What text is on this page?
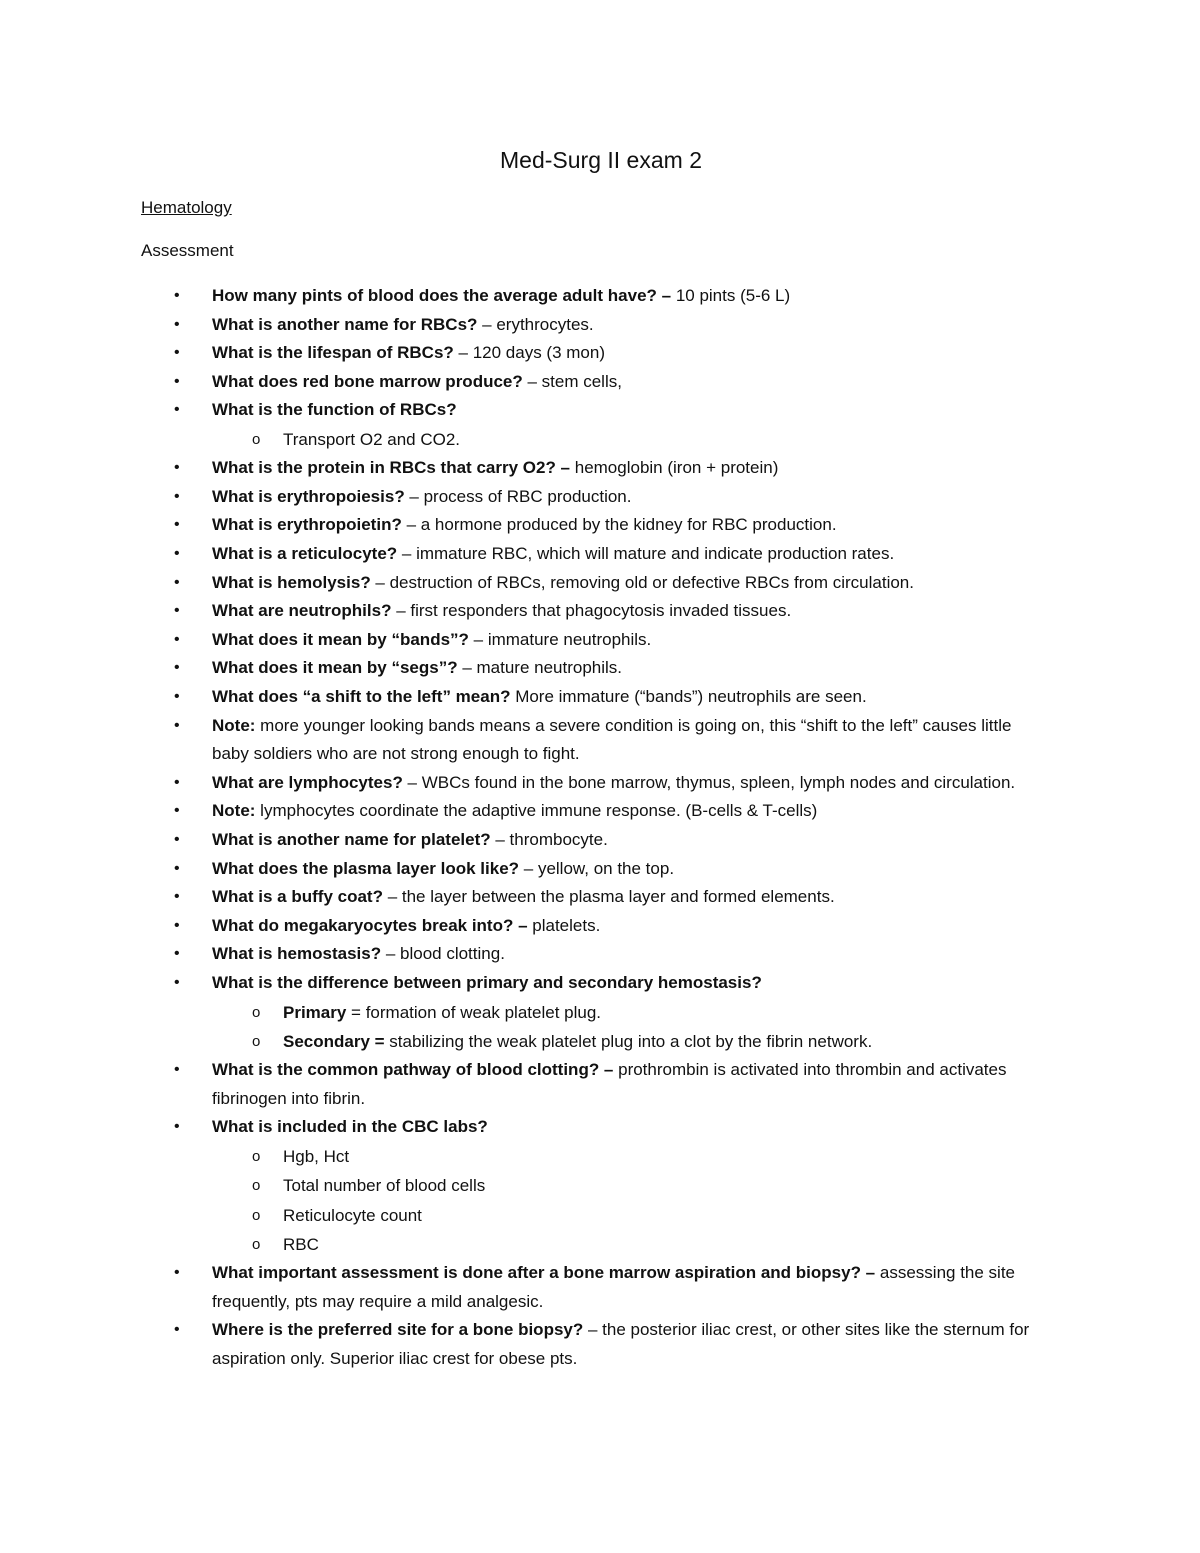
Med-Surg II exam 2
Hematology
Assessment
• How many pints of blood does the average adult have? – 10 pints (5-6 L)
• What is another name for RBCs? – erythrocytes.
• What is the lifespan of RBCs? – 120 days (3 mon)
• What does red bone marrow produce? – stem cells,
• What is the function of RBCs?
o Transport O2 and CO2.
• What is the protein in RBCs that carry O2? – hemoglobin (iron + protein)
• What is erythropoiesis? – process of RBC production.
• What is erythropoietin? – a hormone produced by the kidney for RBC production.
• What is a reticulocyte? – immature RBC, which will mature and indicate production rates.
• What is hemolysis? – destruction of RBCs, removing old or defective RBCs from circulation.
• What are neutrophils? – first responders that phagocytosis invaded tissues.
• What does it mean by “bands”? – immature neutrophils.
• What does it mean by “segs”? – mature neutrophils.
• What does “a shift to the left” mean? More immature (“bands”) neutrophils are seen.
• Note: more younger looking bands means a severe condition is going on, this “shift to the left” causes little baby soldiers who are not strong enough to fight.
• What are lymphocytes? – WBCs found in the bone marrow, thymus, spleen, lymph nodes and circulation.
• Note: lymphocytes coordinate the adaptive immune response. (B-cells & T-cells)
• What is another name for platelet? – thrombocyte.
• What does the plasma layer look like? – yellow, on the top.
• What is a buffy coat? – the layer between the plasma layer and formed elements.
• What do megakaryocytes break into? – platelets.
• What is hemostasis? – blood clotting.
• What is the difference between primary and secondary hemostasis?
o Primary = formation of weak platelet plug.
o Secondary = stabilizing the weak platelet plug into a clot by the fibrin network.
• What is the common pathway of blood clotting? – prothrombin is activated into thrombin and activates fibrinogen into fibrin.
• What is included in the CBC labs?
o Hgb, Hct
o Total number of blood cells
o Reticulocyte count
o RBC
• What important assessment is done after a bone marrow aspiration and biopsy? – assessing the site frequently, pts may require a mild analgesic.
• Where is the preferred site for a bone biopsy? – the posterior iliac crest, or other sites like the sternum for aspiration only. Superior iliac crest for obese pts.
